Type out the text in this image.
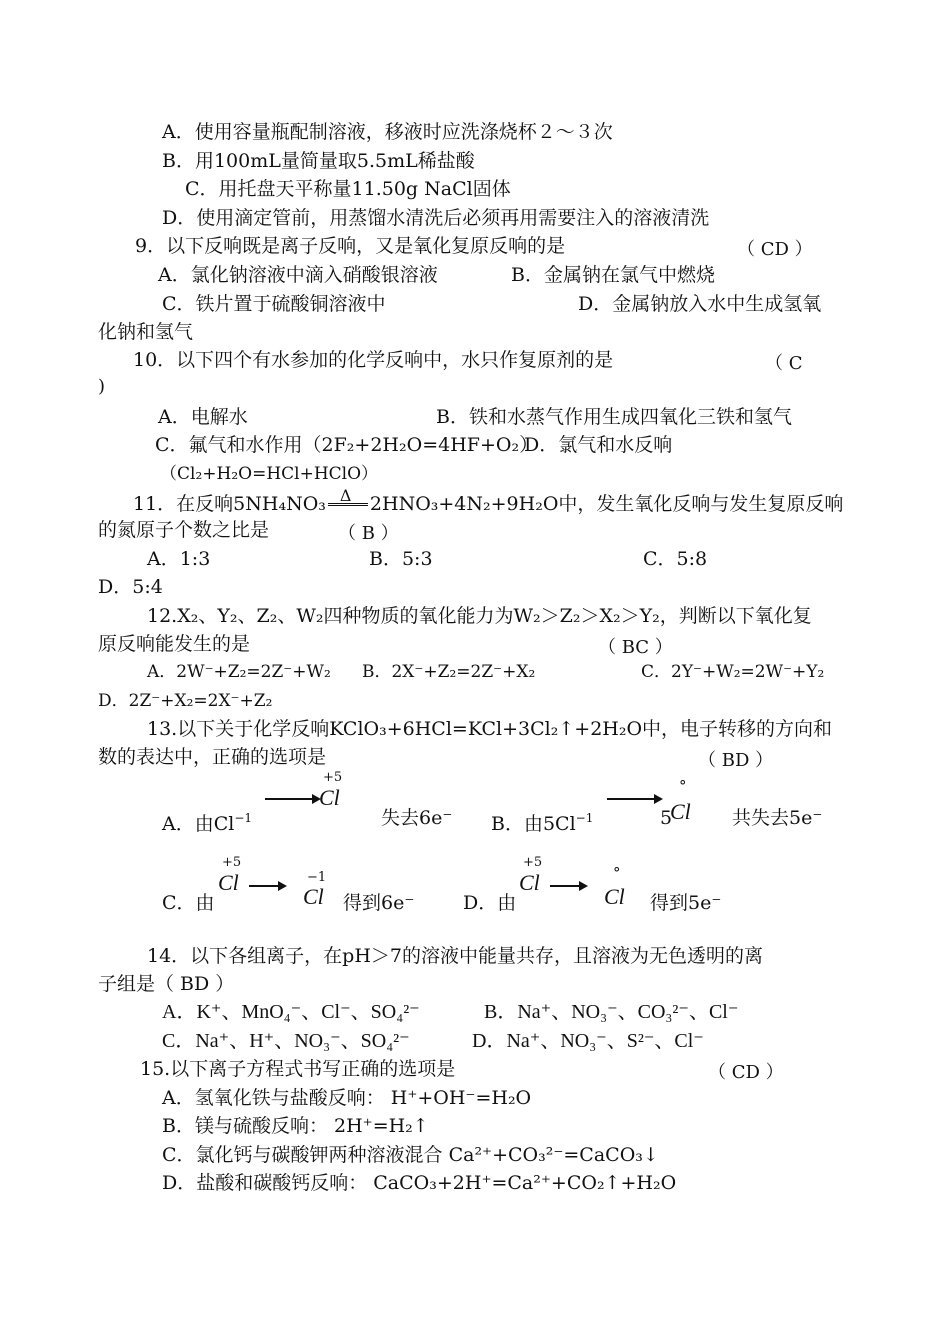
A．使用容量瓶配制溶液，移液时应洗涤烧杯２～３次
B．用100mL量简量取5.5mL稀盐酸
C．用托盘天平称量11.50g NaCl固体
D．使用滴定管前，用蒸馏水清洗后必须再用需要注入的溶液清洗
9．以下反响既是离子反响，又是氧化复原反响的是	（ CD ）
A．氯化钠溶液中滴入硝酸银溶液	B．金属钠在氯气中燃烧
C．铁片置于硫酸铜溶液中	D．金属钠放入水中生成氢氧
化钠和氢气
10．以下四个有水参加的化学反响中，水只作复原剂的是	（ C
)
A．电解水	B．铁和水蒸气作用生成四氧化三铁和氢气
C．氟气和水作用（2F₂+2H₂O=4HF+O₂）
D．氯气和水反响
（Cl₂+H₂O=HCl+HClO）
11．在反响5NH₄NO₃ Δ 2HNO₃+4N₂+9H₂O中，发生氧化反响与发生复原反响
的氮原子个数之比是	（ B ）
A．1:3	B．5:3	C．5:8
D．5:4
12.X₂、Y₂、Z₂、W₂四种物质的氧化能力为W₂＞Z₂＞X₂＞Y₂，判断以下氧化复
原反响能发生的是	（ BC ）
A．2W⁻+Z₂=2Z⁻+W₂ B．2X⁻+Z₂=2Z⁻+X₂	C．2Y⁻+W₂=2W⁻+Y₂
D．2Z⁻+X₂=2X⁻+Z₂
13.以下关于化学反响KClO₃+6HCl=KCl+3Cl₂↑+2H₂O中，电子转移的方向和
数的表达中，正确的选项是	（ BD ）
A．由$Cl^{-1}$
+5
Cl
失去6e⁻ B．由$5Cl^{-1}$	5
°
Cl 共失去5e⁻
C．由
+5
Cl	−1
Cl 得到6e⁻	D．由
+5
Cl	°
Cl 得到5e⁻
14．以下各组离子，在pH＞7的溶液中能量共存，且溶液为无色透明的离
子组是（ BD ）
A．K⁺、MnO₄⁻、Cl⁻、SO₄²⁻	B．Na⁺、NO₃⁻、CO₃²⁻、Cl⁻
C．Na⁺、H⁺、NO₃⁻、SO₄²⁻	D．Na⁺、NO₃⁻、S²⁻、Cl⁻
15.以下离子方程式书写正确的选项是	（ CD ）
A．氢氧化铁与盐酸反响： H⁺+OH⁻=H₂O
B．镁与硫酸反响： 2H⁺=H₂↑
C．氯化钙与碳酸钾两种溶液混合 Ca²⁺+CO₃²⁻=CaCO₃↓
D．盐酸和碳酸钙反响： CaCO₃+2H⁺=Ca²⁺+CO₂↑+H₂O
